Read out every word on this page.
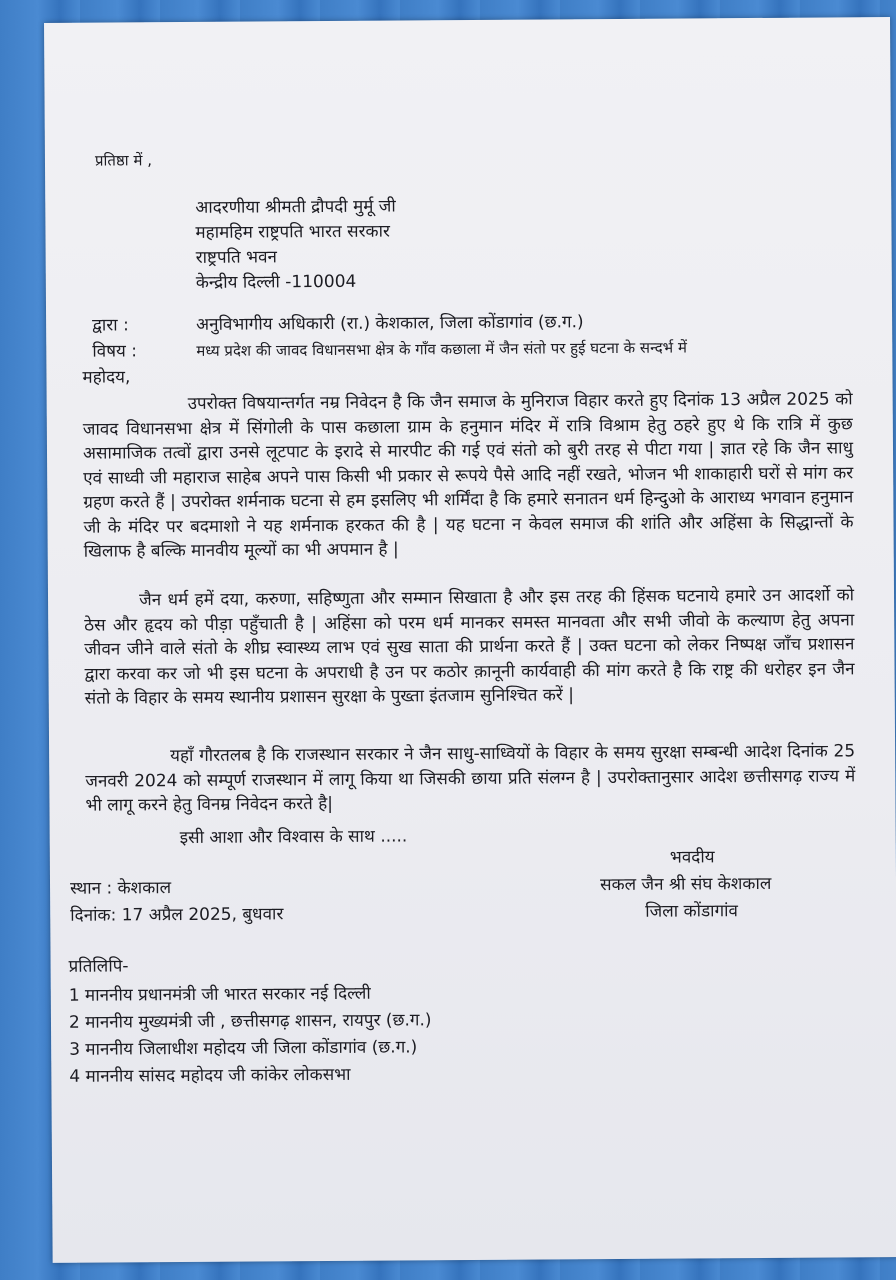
प्रतिष्ठा में ,
आदरणीया श्रीमती द्रौपदी मुर्मू जी
महामहिम राष्ट्रपति भारत सरकार
राष्ट्रपति भवन
केन्द्रीय दिल्ली -110004
द्वारा :	अनुविभागीय अधिकारी (रा.) केशकाल, जिला कोंडागांव (छ.ग.)
विषय :	मध्य प्रदेश की जावद विधानसभा क्षेत्र के गाँव कछाला में जैन संतो पर हुई घटना के सन्दर्भ में
महोदय,
उपरोक्त विषयान्तर्गत नम्र निवेदन है कि जैन समाज के मुनिराज विहार करते हुए दिनांक 13 अप्रैल 2025 को जावद विधानसभा क्षेत्र में सिंगोली के पास कछाला ग्राम के हनुमान मंदिर में रात्रि विश्राम हेतु ठहरे हुए थे कि रात्रि में कुछ असामाजिक तत्वों द्वारा उनसे लूटपाट के इरादे से मारपीट की गई एवं संतो को बुरी तरह से पीटा गया | ज्ञात रहे कि जैन साधु एवं साध्वी जी महाराज साहेब अपने पास किसी भी प्रकार से रूपये पैसे आदि नहीं रखते, भोजन भी शाकाहारी घरों से मांग कर ग्रहण करते हैं | उपरोक्त शर्मनाक घटना से हम इसलिए भी शर्मिंदा है कि हमारे सनातन धर्म हिन्दुओ के आराध्य भगवान हनुमान जी के मंदिर पर बदमाशो ने यह शर्मनाक हरकत की है | यह घटना न केवल समाज की शांति और अहिंसा के सिद्धान्तों के खिलाफ है बल्कि मानवीय मूल्यों का भी अपमान है |
जैन धर्म हमें दया, करुणा, सहिष्णुता और सम्मान सिखाता है और इस तरह की हिंसक घटनाये हमारे उन आदर्शो को ठेस और हृदय को पीड़ा पहुँचाती है | अहिंसा को परम धर्म मानकर समस्त मानवता और सभी जीवो के कल्याण हेतु अपना जीवन जीने वाले संतो के शीघ्र स्वास्थ्य लाभ एवं सुख साता की प्रार्थना करते हैं | उक्त घटना को लेकर निष्पक्ष जाँच प्रशासन द्वारा करवा कर जो भी इस घटना के अपराधी है उन पर कठोर क़ानूनी कार्यवाही की मांग करते है कि राष्ट्र की धरोहर इन जैन संतो के विहार के समय स्थानीय प्रशासन सुरक्षा के पुख्ता इंतजाम सुनिश्चित करें |
यहाँ गौरतलब है कि राजस्थान सरकार ने जैन साधु-साध्वियों के विहार के समय सुरक्षा सम्बन्धी आदेश दिनांक 25 जनवरी 2024 को सम्पूर्ण राजस्थान में लागू किया था जिसकी छाया प्रति संलग्न है | उपरोक्तानुसार आदेश छत्तीसगढ़ राज्य में भी लागू करने हेतु विनम्र निवेदन करते है|
इसी आशा और विश्वास के साथ .....
भवदीय
सकल जैन श्री संघ केशकाल
जिला कोंडागांव
स्थान : केशकाल
दिनांक: 17 अप्रैल 2025, बुधवार
प्रतिलिपि-
1 माननीय प्रधानमंत्री जी भारत सरकार नई दिल्ली
2 माननीय मुख्यमंत्री जी , छत्तीसगढ़ शासन, रायपुर (छ.ग.)
3 माननीय जिलाधीश महोदय जी जिला कोंडागांव (छ.ग.)
4 माननीय सांसद महोदय जी कांकेर लोकसभा
